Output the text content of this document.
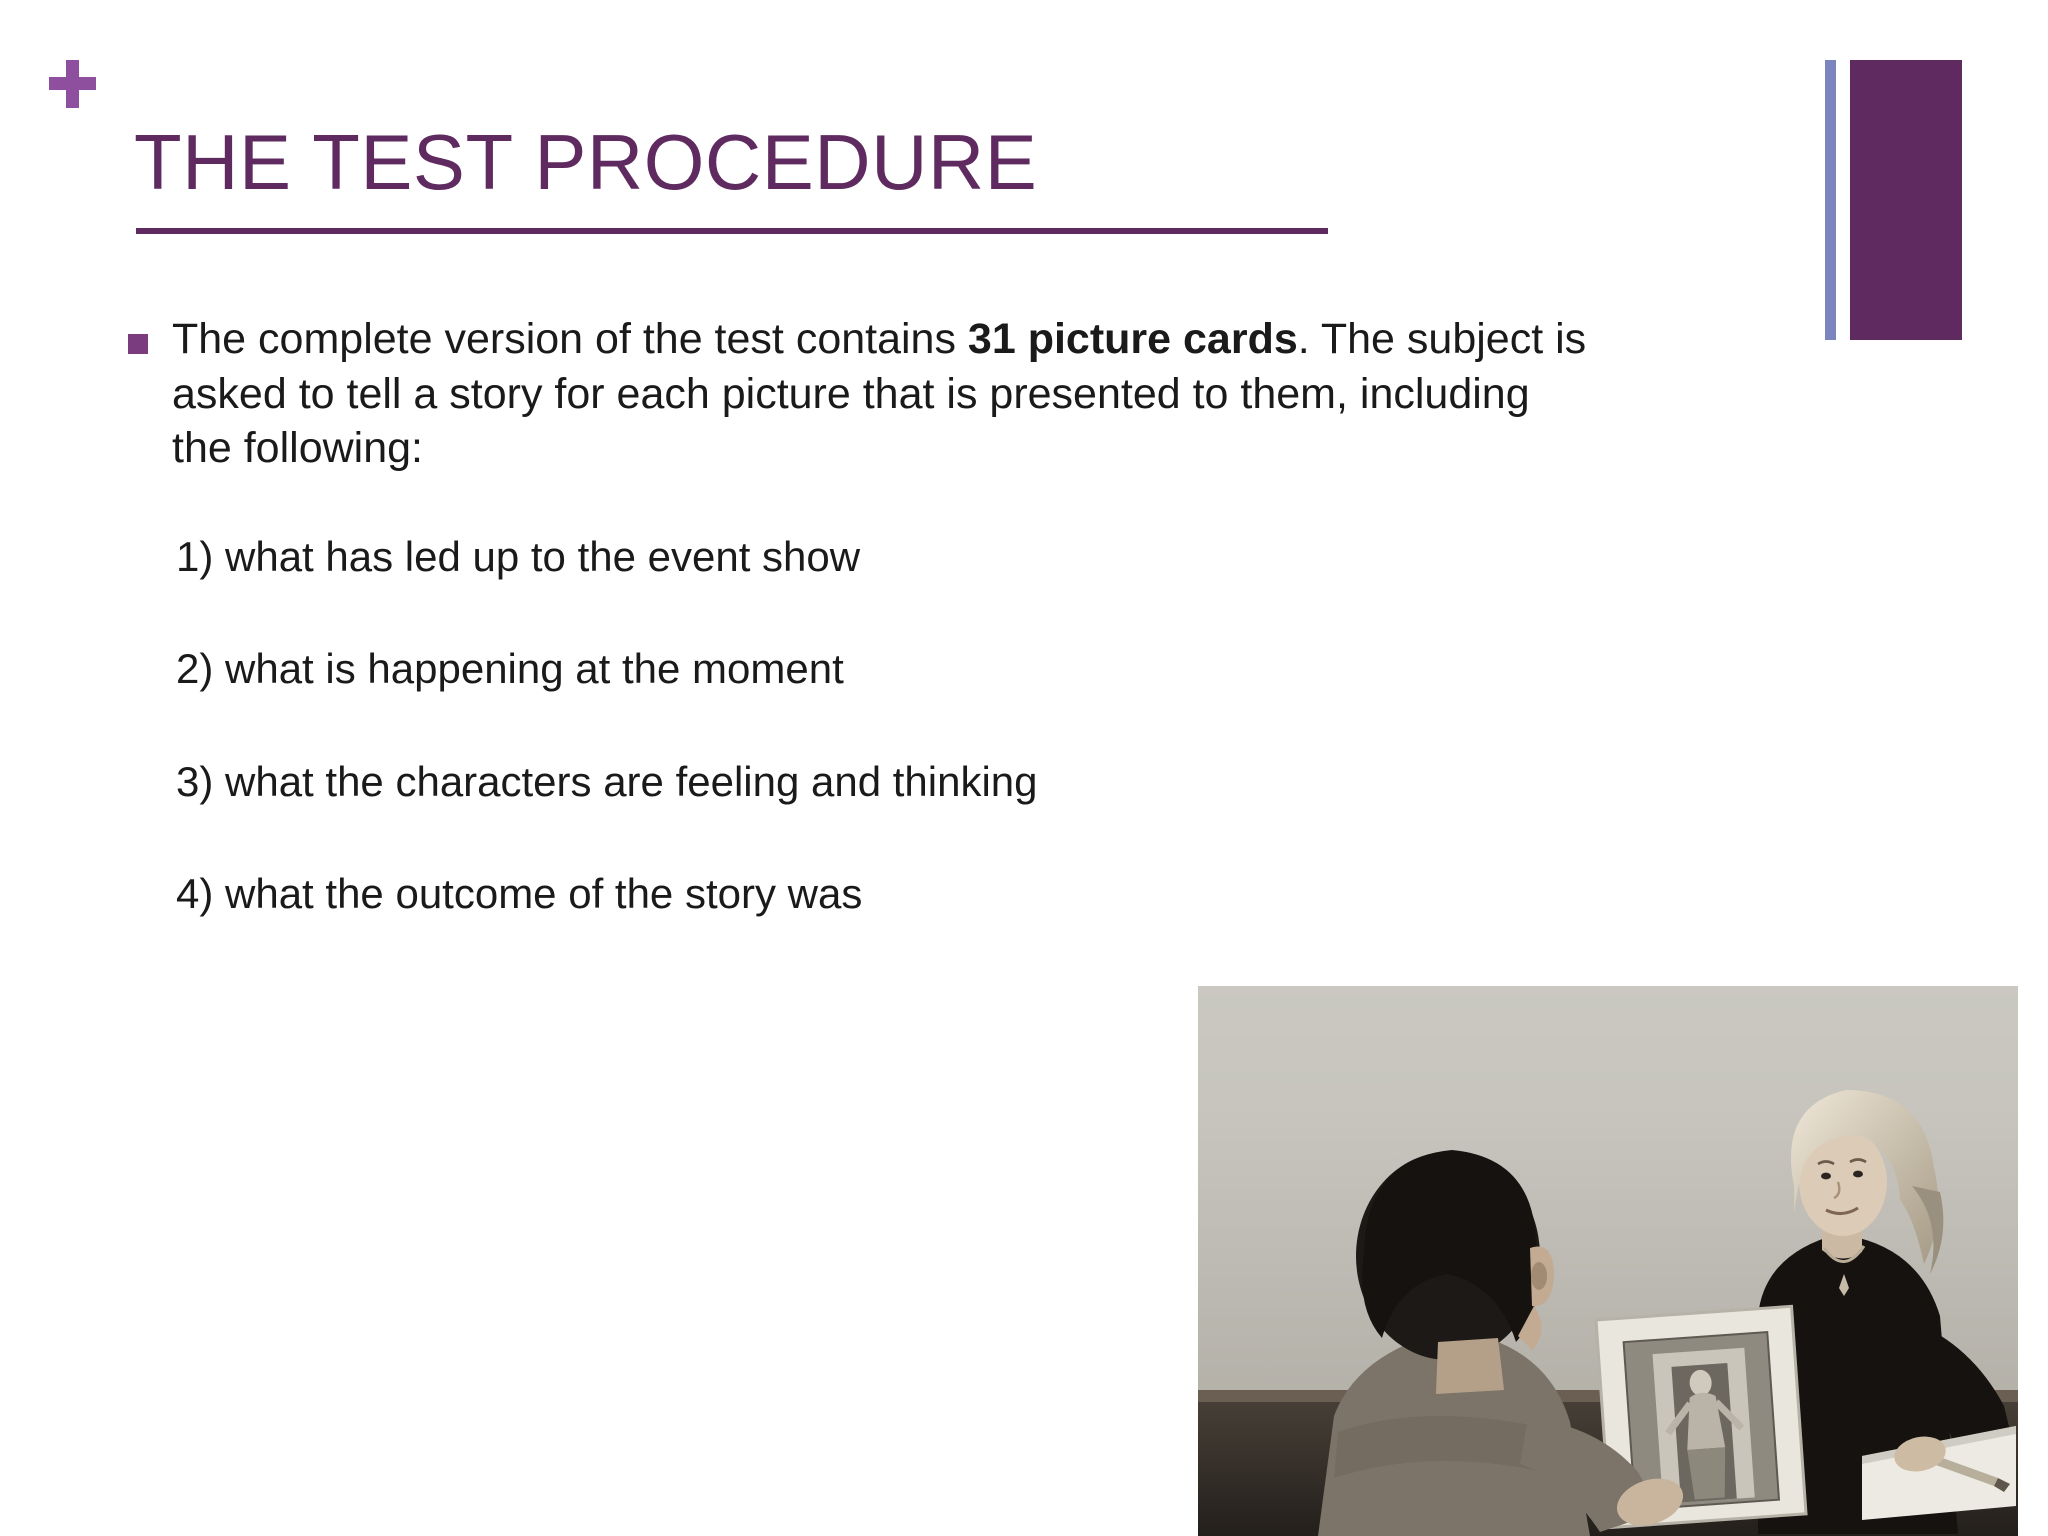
THE TEST PROCEDURE
The complete version of the test contains 31 picture cards. The subject is asked to tell a story for each picture that is presented to them, including the following:
1) what has led up to the event show
2) what is happening at the moment
3) what the characters are feeling and thinking
4) what the outcome of the story was
